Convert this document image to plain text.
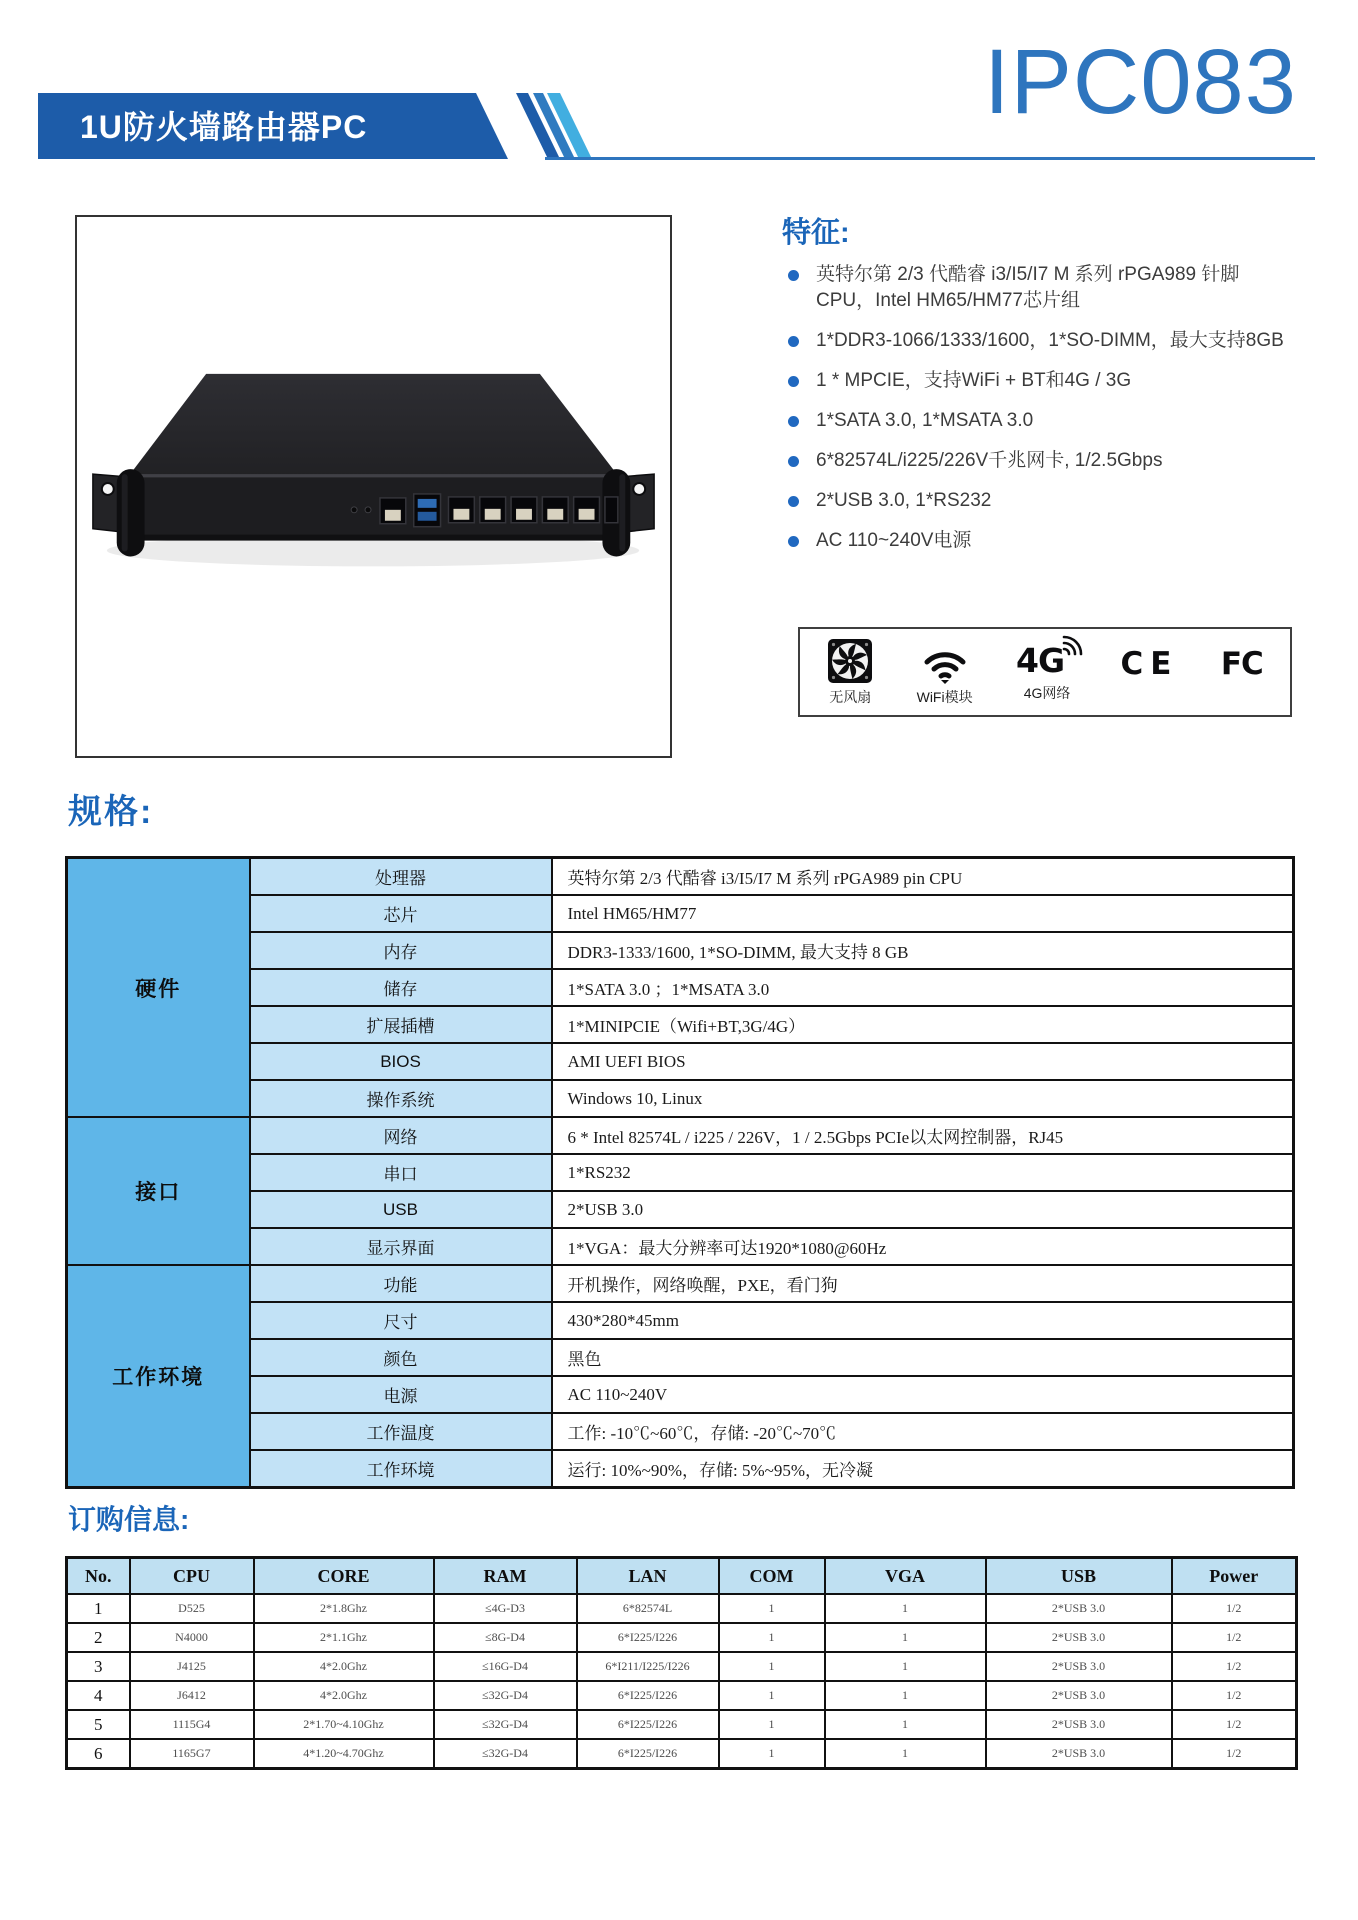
1U防火墙路由器PC	IPC083
特征:
英特尔第 2/3 代酷睿 i3/I5/I7 M 系列 rPGA989 针脚CPU，Intel HM65/HM77芯片组
1*DDR3-1066/1333/1600，1*SO-DIMM，最大支持8GB
1 * MPCIE，支持WiFi + BT和4G / 3G
1*SATA 3.0, 1*MSATA 3.0
6*82574L/i225/226V千兆网卡, 1/2.5Gbps
2*USB 3.0, 1*RS232
AC 110~240V电源
无风扇	WiFi模块
4G
4G网络
CE FC
规格:
硬件	处理器	英特尔第 2/3 代酷睿 i3/I5/I7 M 系列 rPGA989 pin CPU
	芯片	Intel HM65/HM77
	内存	DDR3-1333/1600, 1*SO-DIMM, 最大支持 8 GB
	储存	1*SATA 3.0 ；1*MSATA 3.0
	扩展插槽	1*MINIPCIE（Wifi+BT,3G/4G）
	BIOS	AMI UEFI BIOS
	操作系统	Windows 10, Linux
接口	网络	6 * Intel 82574L / i225 / 226V，1 / 2.5Gbps PCIe以太网控制器，RJ45
	串口	1*RS232
	USB	2*USB 3.0
	显示界面	1*VGA：最大分辨率可达1920*1080@60Hz
工作环境	功能	开机操作，网络唤醒，PXE，看门狗
	尺寸	430*280*45mm
	颜色	黑色
	电源	AC 110~240V
	工作温度	工作: -10℃~60℃，存储: -20℃~70℃
	工作环境	运行: 10%~90%，存储: 5%~95%，无冷凝
订购信息:
No.	CPU	CORE	RAM	LAN	COM	VGA	USB	Power
1	D525	2*1.8Ghz	≤4G-D3	6*82574L	1	1	2*USB 3.0	1/2
2	N4000	2*1.1Ghz	≤8G-D4	6*I225/I226	1	1	2*USB 3.0	1/2
3	J4125	4*2.0Ghz	≤16G-D4	6*I211/I225/I226	1	1	2*USB 3.0	1/2
4	J6412	4*2.0Ghz	≤32G-D4	6*I225/I226	1	1	2*USB 3.0	1/2
5	1115G4	2*1.70~4.10Ghz	≤32G-D4	6*I225/I226	1	1	2*USB 3.0	1/2
6	1165G7	4*1.20~4.70Ghz	≤32G-D4	6*I225/I226	1	1	2*USB 3.0	1/2
